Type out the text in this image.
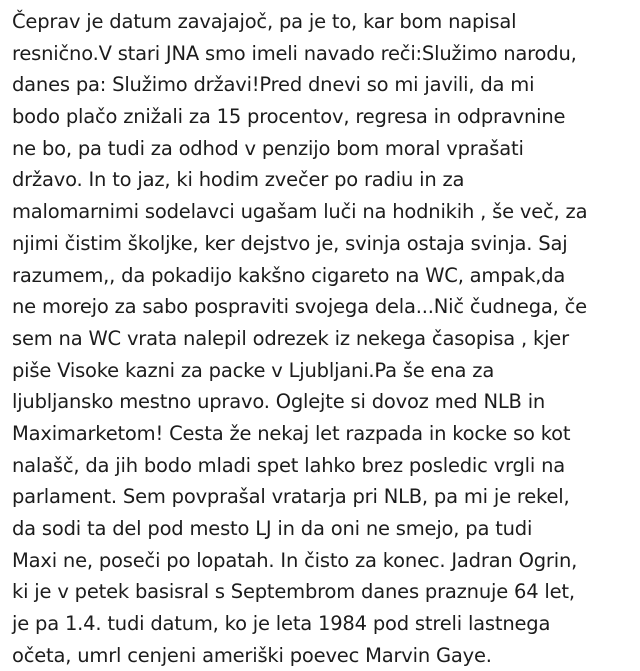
Čeprav je datum zavajajoč, pa je to, kar bom napisal
resnično.V stari JNA smo imeli navado reči:Služimo narodu,
danes pa: Služimo državi!Pred dnevi so mi javili, da mi
bodo plačo znižali za 15 procentov, regresa in odpravnine
ne bo, pa tudi za odhod v penzijo bom moral vprašati
državo. In to jaz, ki hodim zvečer po radiu in za
malomarnimi sodelavci ugašam luči na hodnikih , še več, za
njimi čistim školjke, ker dejstvo je, svinja ostaja svinja. Saj
razumem,, da pokadijo kakšno cigareto na WC, ampak,da
ne morejo za sabo pospraviti svojega dela...Nič čudnega, če
sem na WC vrata nalepil odrezek iz nekega časopisa , kjer
piše Visoke kazni za packe v Ljubljani.Pa še ena za
ljubljansko mestno upravo. Oglejte si dovoz med NLB in
Maximarketom! Cesta že nekaj let razpada in kocke so kot
nalašč, da jih bodo mladi spet lahko brez posledic vrgli na
parlament. Sem povprašal vratarja pri NLB, pa mi je rekel,
da sodi ta del pod mesto LJ in da oni ne smejo, pa tudi
Maxi ne, poseči po lopatah. In čisto za konec. Jadran Ogrin,
ki je v petek basisral s Septembrom danes praznuje 64 let,
je pa 1.4. tudi datum, ko je leta 1984 pod streli lastnega
očeta, umrl cenjeni ameriški poevec Marvin Gaye.
